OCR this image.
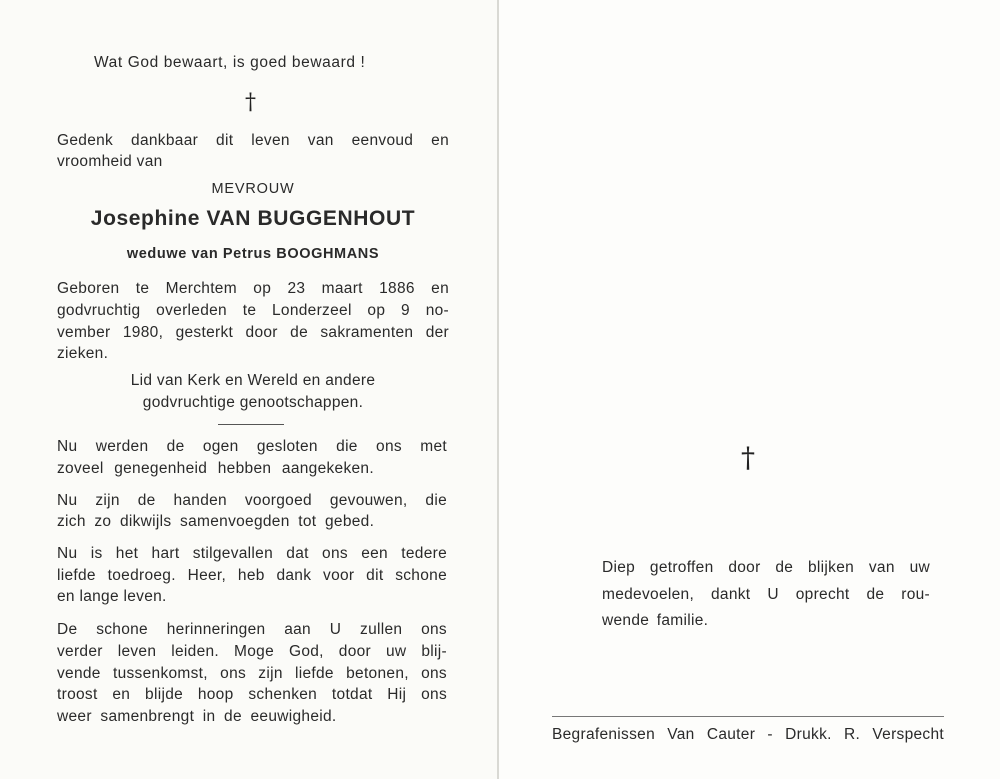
Wat God bewaart, is goed bewaard !
†
Gedenk dankbaar dit leven van eenvoud en
vroomheid van
MEVROUW
Josephine VAN BUGGENHOUT
weduwe van Petrus BOOGHMANS
Geboren te Merchtem op 23 maart 1886 en
godvruchtig overleden te Londerzeel op 9 no-
vember 1980, gesterkt door de sakramenten der
zieken.
Lid van Kerk en Wereld en andere
godvruchtige genootschappen.
Nu werden de ogen gesloten die ons met
zoveel genegenheid hebben aangekeken.
Nu zijn de handen voorgoed gevouwen, die
zich zo dikwijls samenvoegden tot gebed.
Nu is het hart stilgevallen dat ons een tedere
liefde toedroeg. Heer, heb dank voor dit schone
en lange leven.
De schone herinneringen aan U zullen ons
verder leven leiden. Moge God, door uw blij-
vende tussenkomst, ons zijn liefde betonen, ons
troost en blijde hoop schenken totdat Hij ons
weer samenbrengt in de eeuwigheid.
†
Diep getroffen door de blijken van uw
medevoelen, dankt U oprecht de rou-
wende familie.
Begrafenissen Van Cauter - Drukk. R. Verspecht
